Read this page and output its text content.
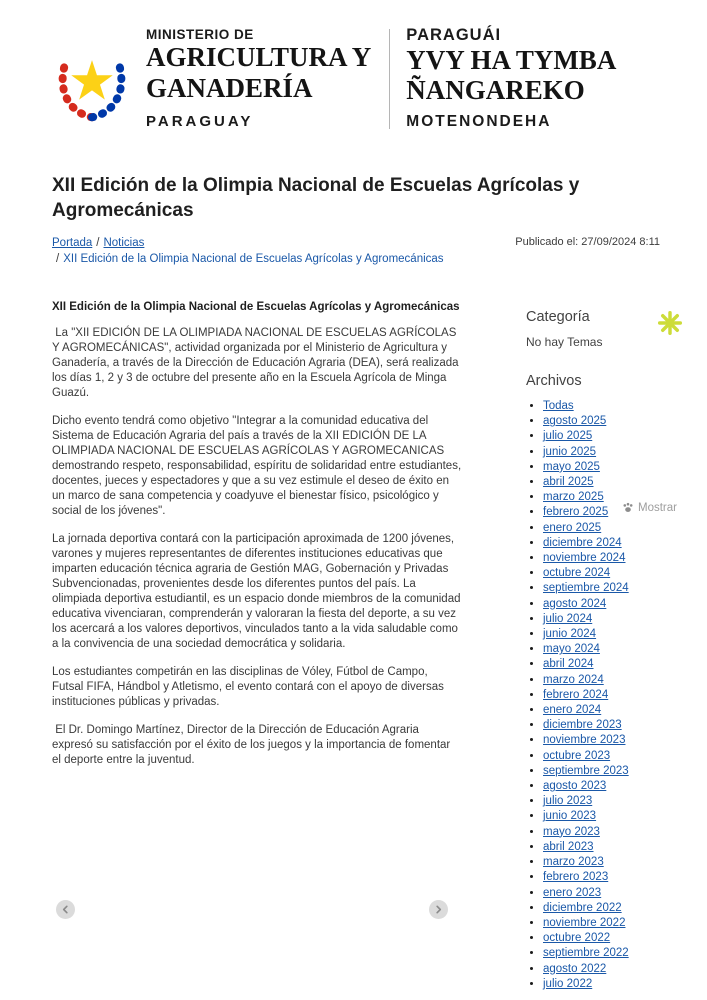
MINISTERIO DE
AGRICULTURA Y
GANADERÍA
PARAGUAY
PARAGUÁI
YVY HA TYMBA
ÑANGAREKO
MOTENONDEHA
XII Edición de la Olimpia Nacional de Escuelas Agrícolas y Agromecánicas
Portada / Noticias
/ XII Edición de la Olimpia Nacional de Escuelas Agrícolas y Agromecánicas
Publicado el: 27/09/2024 8:11
XII Edición de la Olimpia Nacional de Escuelas Agrícolas y Agromecánicas

La "XII EDICIÓN DE LA OLIMPIADA NACIONAL DE ESCUELAS AGRÍCOLAS Y AGROMECÁNICAS", actividad organizada por el Ministerio de Agricultura y Ganadería, a través de la Dirección de Educación Agraria (DEA), será realizada los días 1, 2 y 3 de octubre del presente año en la Escuela Agrícola de Minga Guazú.

Dicho evento tendrá como objetivo "Integrar a la comunidad educativa del Sistema de Educación Agraria del país a través de la XII EDICIÓN DE LA OLIMPIADA NACIONAL DE ESCUELAS AGRÍCOLAS Y AGROMECANICAS demostrando respeto, responsabilidad, espíritu de solidaridad entre estudiantes, docentes, jueces y espectadores y que a su vez estimule el deseo de éxito en un marco de sana competencia y coadyuve el bienestar físico, psicológico y social de los jóvenes".

La jornada deportiva contará con la participación aproximada de 1200 jóvenes, varones y mujeres representantes de diferentes instituciones educativas que imparten educación técnica agraria de Gestión MAG, Gobernación y Privadas Subvencionadas, provenientes desde los diferentes puntos del país. La olimpiada deportiva estudiantil, es un espacio donde miembros de la comunidad educativa vivenciaran, comprenderán y valoraran la fiesta del deporte, a su vez los acercará a los valores deportivos, vinculados tanto a la vida saludable como a la convivencia de una sociedad democrática y solidaria.

Los estudiantes competirán en las disciplinas de Vóley, Fútbol de Campo, Futsal FIFA, Hándbol y Atletismo, el evento contará con el apoyo de diversas instituciones públicas y privadas.

El Dr. Domingo Martínez, Director de la Dirección de Educación Agraria expresó su satisfacción por el éxito de los juegos y la importancia de fomentar el deporte entre la juventud.

Categoría
No hay Temas
Archivos
• Todas
• agosto 2025
• julio 2025
• junio 2025
• mayo 2025
• abril 2025
• marzo 2025
• febrero 2025
• enero 2025
• diciembre 2024
• noviembre 2024
• octubre 2024
• septiembre 2024
• agosto 2024
• julio 2024
• junio 2024
• mayo 2024
• abril 2024
• marzo 2024
• febrero 2024
• enero 2024
• diciembre 2023
• noviembre 2023
• octubre 2023
• septiembre 2023
• agosto 2023
• julio 2023
• junio 2023
• mayo 2023
• abril 2023
• marzo 2023
• febrero 2023
• enero 2023
• diciembre 2022
• noviembre 2022
• octubre 2022
• septiembre 2022
• agosto 2022
• julio 2022
Mostrar
